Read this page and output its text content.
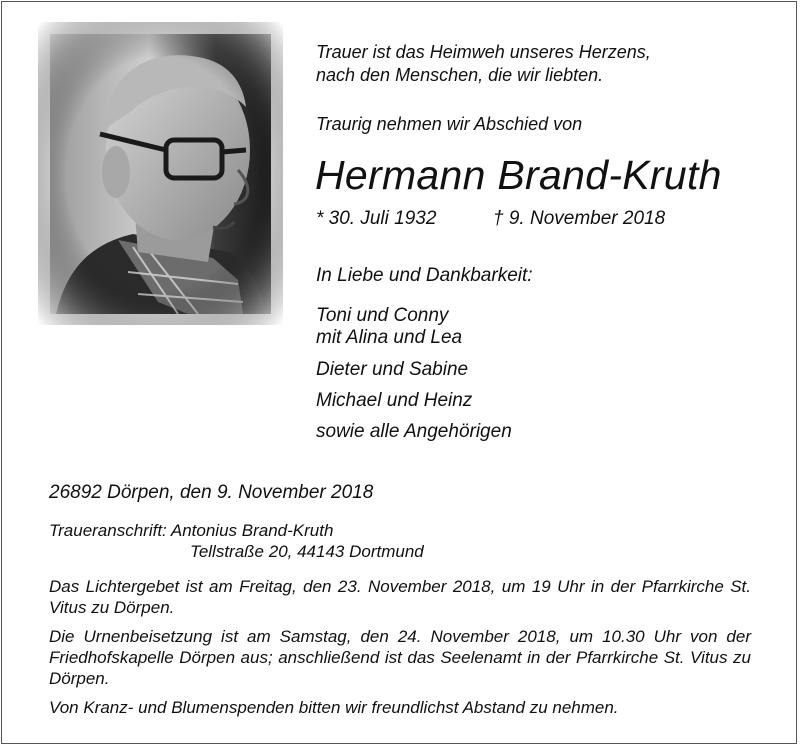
Trauer ist das Heimweh unseres Herzens,
nach den Menschen, die wir liebten.
Traurig nehmen wir Abschied von
Hermann Brand-Kruth
* 30. Juli 1932	† 9. November 2018
In Liebe und Dankbarkeit:
Toni und Conny
mit Alina und Lea
Dieter und Sabine
Michael und Heinz
sowie alle Angehörigen
26892 Dörpen, den 9. November 2018
Traueranschrift: Antonius Brand-Kruth
Tellstraße 20, 44143 Dortmund
Das Lichtergebet ist am Freitag, den 23. November 2018, um 19 Uhr in der Pfarrkirche St. Vitus zu Dörpen.
Die Urnenbeisetzung ist am Samstag, den 24. November 2018, um 10.30 Uhr von der Friedhofskapelle Dörpen aus; anschließend ist das Seelenamt in der Pfarrkirche St. Vitus zu Dörpen.
Von Kranz- und Blumenspenden bitten wir freundlichst Abstand zu nehmen.
